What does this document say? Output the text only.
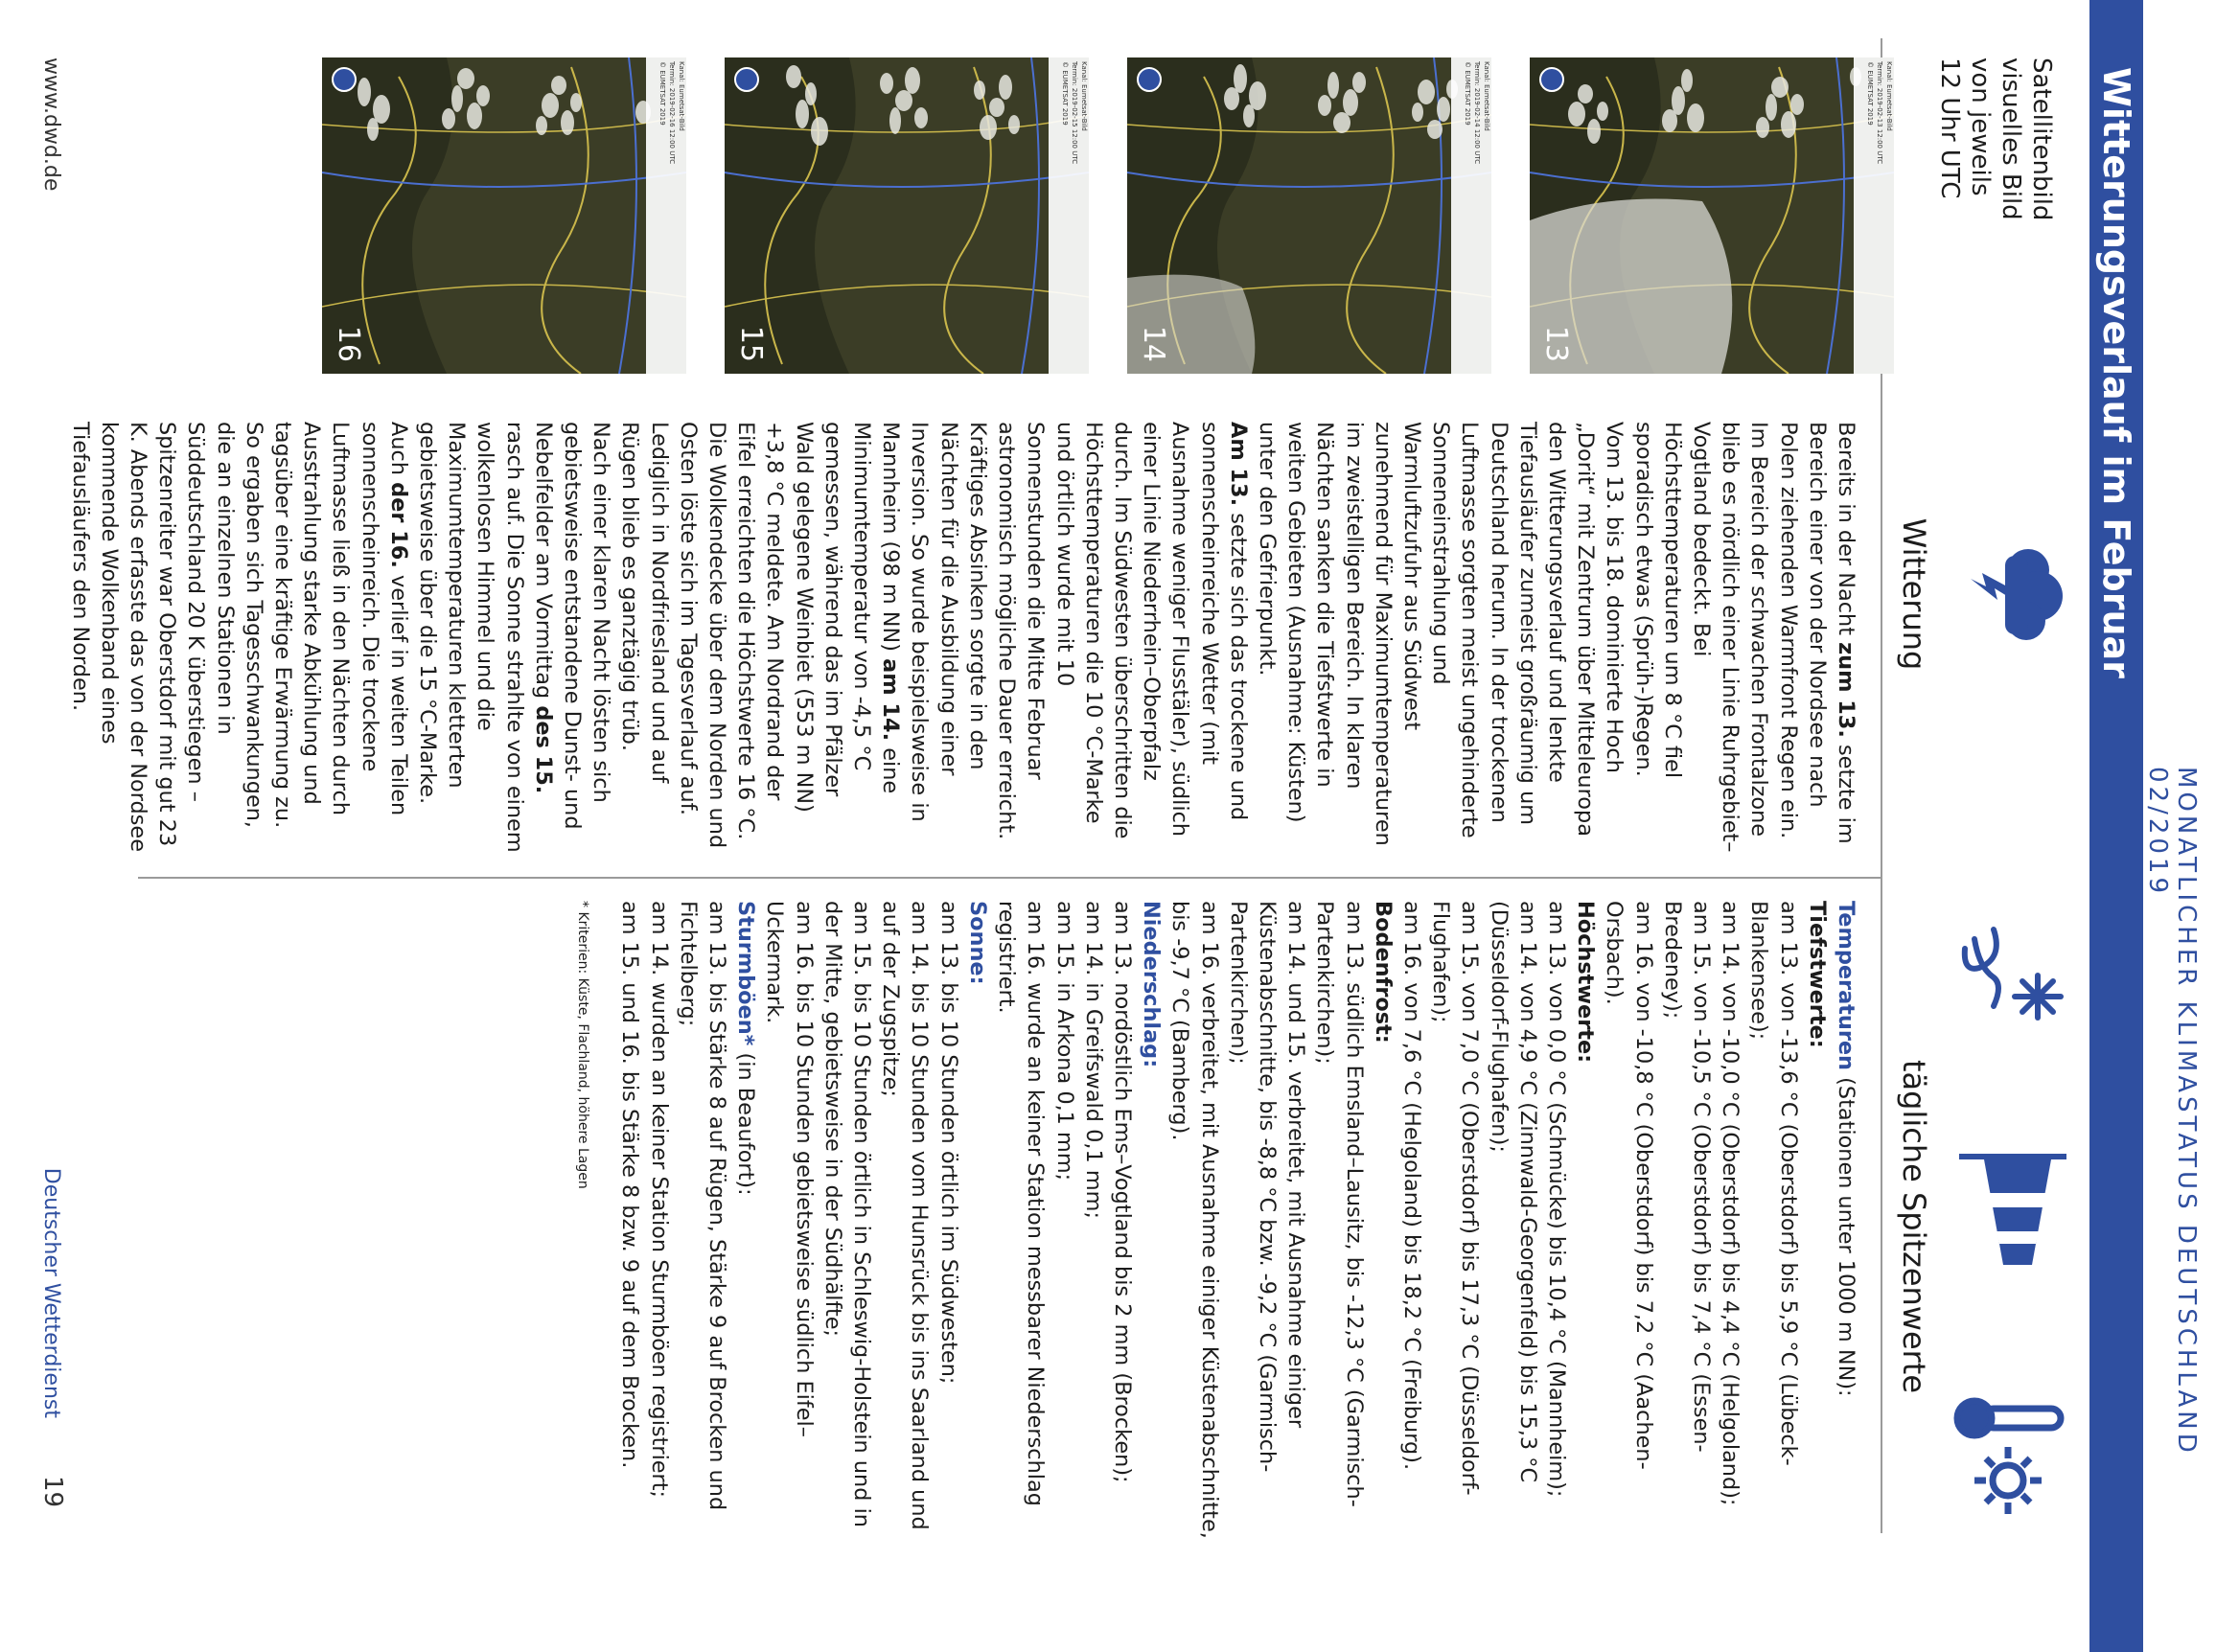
MONATLICHER KLIMASTATUS DEUTSCHLAND 02/2019
Witterungsverlauf im Februar
Satellitenbild
visuelles Bild
von jeweils
12 Uhr UTC
Kanal: Eumetsat-Bild
Termin: 2019-02-13 12:00 UTC
© EUMETSAT 2019
13
Kanal: Eumetsat-Bild
Termin: 2019-02-14 12:00 UTC
© EUMETSAT 2019
14
Kanal: Eumetsat-Bild
Termin: 2019-02-15 12:00 UTC
© EUMETSAT 2019
15
Kanal: Eumetsat-Bild
Termin: 2019-02-16 12:00 UTC
© EUMETSAT 2019
16
Witterung
tägliche Spitzenwerte

Bereits in der Nacht zum 13. setzte im Bereich einer von der Nordsee nach Polen ziehenden Warmfront Regen ein. Im Bereich der schwachen Frontalzone blieb es nördlich einer Linie Ruhrgebiet–Vogtland bedeckt. Bei Höchsttemperaturen um 8 °C fiel sporadisch etwas (Sprüh-)Regen.

Vom 13. bis 18. dominierte Hoch „Dorit“ mit Zentrum über Mitteleuropa den Witterungsverlauf und lenkte Tiefausläufer zumeist großräumig um Deutschland herum. In der trockenen Luftmasse sorgten meist ungehinderte Sonneneinstrahlung und Warmluftzufuhr aus Südwest zunehmend für Maximumtemperaturen im zweistelligen Bereich. In klaren Nächten sanken die Tiefstwerte in weiten Gebieten (Ausnahme: Küsten) unter den Gefrierpunkt.

Am 13. setzte sich das trockene und sonnenscheinreiche Wetter (mit Ausnahme weniger Flusstäler), südlich einer Linie Niederrhein–Oberpfalz durch. Im Südwesten überschritten die Höchsttemperaturen die 10 °C-Marke und örtlich wurde mit 10 Sonnenstunden die Mitte Februar astronomisch mögliche Dauer erreicht.

Kräftiges Absinken sorgte in den Nächten für die Ausbildung einer Inversion. So wurde beispielsweise in Mannheim (98 m NN) am 14. eine Minimumtemperatur von -4,5 °C gemessen, während das im Pfälzer Wald gelegene Weinbiet (553 m NN) +3,8 °C meldete. Am Nordrand der Eifel erreichten die Höchstwerte 16 °C. Die Wolkendecke über dem Norden und Osten löste sich im Tagesverlauf auf. Lediglich in Nordfriesland und auf Rügen blieb es ganztägig trüb.

Nach einer klaren Nacht lösten sich gebietsweise entstandene Dunst- und Nebelfelder am Vormittag des 15. rasch auf. Die Sonne strahlte von einem wolkenlosen Himmel und die Maximumtemperaturen kletterten gebietsweise über die 15 °C-Marke.

Auch der 16. verlief in weiten Teilen sonnenscheinreich. Die trockene Luftmasse ließ in den Nächten durch Ausstrahlung starke Abkühlung und tagsüber eine kräftige Erwärmung zu. So ergaben sich Tagesschwankungen, die an einzelnen Stationen in Süddeutschland 20 K überstiegen – Spitzenreiter war Oberstdorf mit gut 23 K. Abends erfasste das von der Nordsee kommende Wolkenband eines Tiefausläufers den Norden.

Temperaturen (Stationen unter 1000 m NN):

Tiefstwerte:

am 13. von -13,6 °C (Oberstdorf) bis 5,9 °C (Lübeck-Blankensee);
am 14. von -10,0 °C (Oberstdorf) bis 4,4 °C (Helgoland);
am 15. von -10,5 °C (Oberstdorf) bis 7,4 °C (Essen-Bredeney);
am 16. von -10,8 °C (Oberstdorf) bis 7,2 °C (Aachen-Orsbach).

Höchstwerte:

am 13. von 0,0 °C (Schmücke) bis 10,4 °C (Mannheim);
am 14. von 4,9 °C (Zinnwald-Georgenfeld) bis 15,3 °C (Düsseldorf-Flughafen);
am 15. von 7,0 °C (Oberstdorf) bis 17,3 °C (Düsseldorf-Flughafen);
am 16. von 7,6 °C (Helgoland) bis 18,2 °C (Freiburg).

Bodenfrost:

am 13. südlich Emsland–Lausitz, bis -12,3 °C (Garmisch-Partenkirchen);
am 14. und 15. verbreitet, mit Ausnahme einiger Küstenabschnitte, bis -8,8 °C bzw. -9,2 °C (Garmisch-Partenkirchen);
am 16. verbreitet, mit Ausnahme einiger Küstenabschnitte, bis -9,7 °C (Bamberg).

Niederschlag:

am 13. nordöstlich Ems–Vogtland bis 2 mm (Brocken);
am 14. in Greifswald 0,1 mm;
am 15. in Arkona 0,1 mm;
am 16. wurde an keiner Station messbarer Niederschlag registriert.

Sonne:

am 13. bis 10 Stunden örtlich im Südwesten;
am 14. bis 10 Stunden vom Hunsrück bis ins Saarland und auf der Zugspitze;
am 15. bis 10 Stunden örtlich in Schleswig-Holstein und in der Mitte, gebietsweise in der Südhälfte;
am 16. bis 10 Stunden gebietsweise südlich Eifel–Uckermark.

Sturmböen* (in Beaufort):

am 13. bis Stärke 8 auf Rügen, Stärke 9 auf Brocken und Fichtelberg;
am 14. wurden an keiner Station Sturmböen registriert;
am 15. und 16. bis Stärke 8 bzw. 9 auf dem Brocken.

* Kriterien: Küste, Flachland, höhere Lagen

www.dwd.de
Deutscher Wetterdienst
19
